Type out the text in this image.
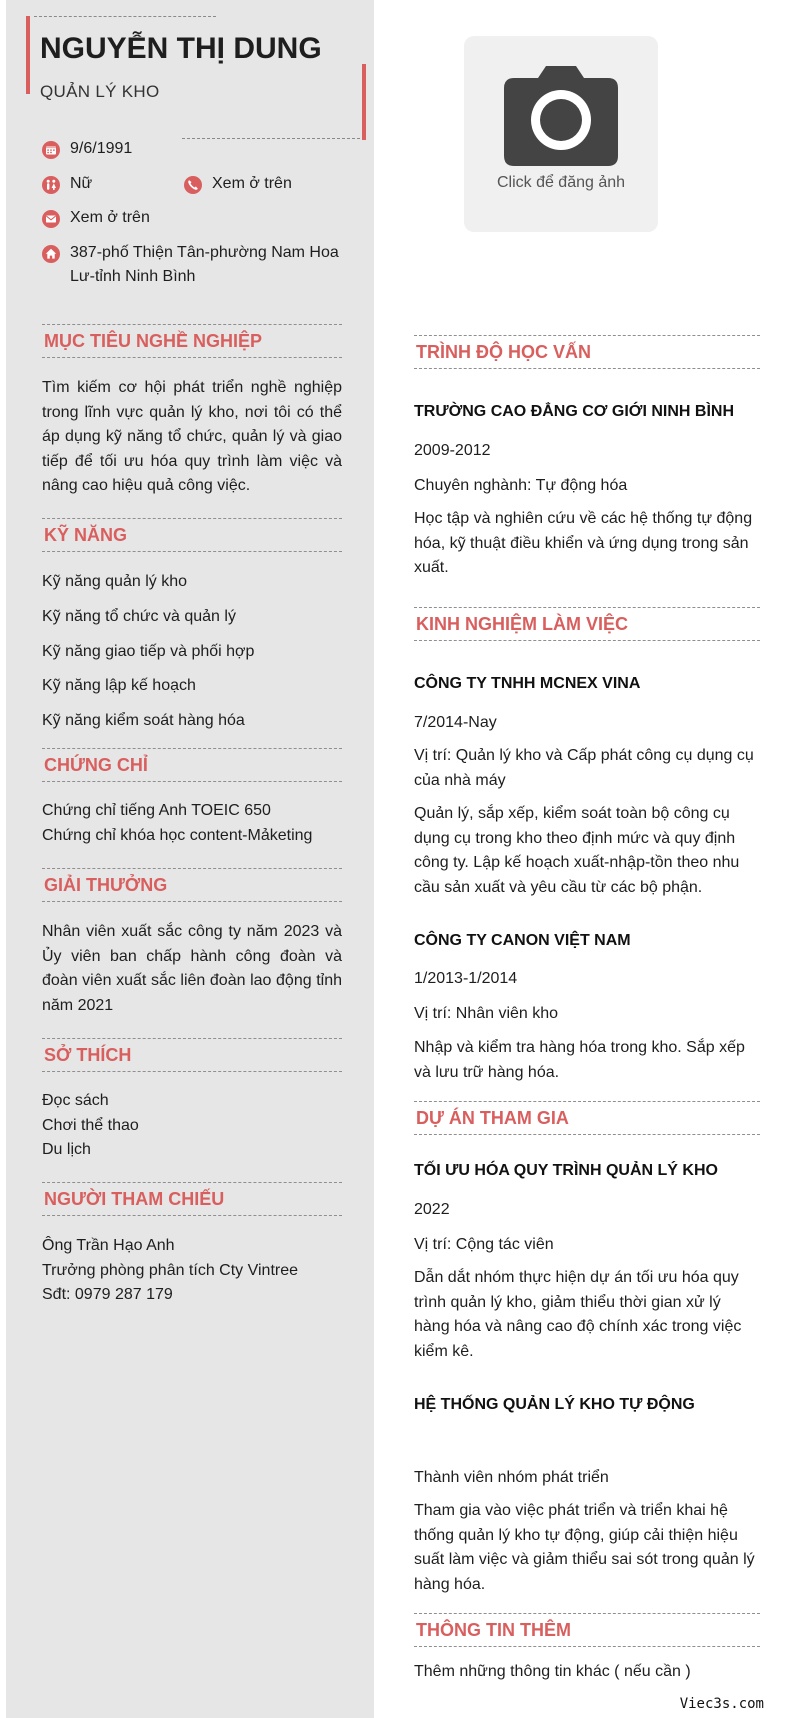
NGUYỄN THỊ DUNG
QUẢN LÝ KHO
9/6/1991
Nữ	Xem ở trên
Xem ở trên
387-phố Thiện Tân-phường Nam Hoa Lư-tỉnh Ninh Bình
MỤC TIÊU NGHỀ NGHIỆP
Tìm kiếm cơ hội phát triển nghề nghiệp trong lĩnh vực quản lý kho, nơi tôi có thể áp dụng kỹ năng tổ chức, quản lý và giao tiếp để tối ưu hóa quy trình làm việc và nâng cao hiệu quả công việc.
KỸ NĂNG
Kỹ năng quản lý kho
Kỹ năng tổ chức và quản lý
Kỹ năng giao tiếp và phối hợp
Kỹ năng lập kế hoạch
Kỹ năng kiểm soát hàng hóa
CHỨNG CHỈ
Chứng chỉ tiếng Anh TOEIC 650
Chứng chỉ khóa học content-Mảketing
GIẢI THƯỞNG
Nhân viên xuất sắc công ty năm 2023 và Ủy viên ban chấp hành công đoàn và đoàn viên xuất sắc liên đoàn lao động tỉnh năm 2021
SỞ THÍCH
Đọc sách
Chơi thể thao
Du lịch
NGƯỜI THAM CHIẾU
Ông Trần Hạo Anh
Trưởng phòng phân tích Cty Vintree
Sđt: 0979 287 179
Click để đăng ảnh
TRÌNH ĐỘ HỌC VẤN
TRƯỜNG CAO ĐẲNG CƠ GIỚI NINH BÌNH
2009-2012
Chuyên nghành: Tự động hóa
Học tập và nghiên cứu về các hệ thống tự động hóa, kỹ thuật điều khiển và ứng dụng trong sản xuất.
KINH NGHIỆM LÀM VIỆC
CÔNG TY TNHH MCNEX VINA
7/2014-Nay
Vị trí: Quản lý kho và Cấp phát công cụ dụng cụ của nhà máy
Quản lý, sắp xếp, kiểm soát toàn bộ công cụ dụng cụ trong kho theo định mức và quy định công ty. Lập kế hoạch xuất-nhập-tồn theo nhu cầu sản xuất và yêu cầu từ các bộ phận.
CÔNG TY CANON VIỆT NAM
1/2013-1/2014
Vị trí: Nhân viên kho
Nhập và kiểm tra hàng hóa trong kho. Sắp xếp và lưu trữ hàng hóa.
DỰ ÁN THAM GIA
TỐI ƯU HÓA QUY TRÌNH QUẢN LÝ KHO
2022
Vị trí: Cộng tác viên
Dẫn dắt nhóm thực hiện dự án tối ưu hóa quy trình quản lý kho, giảm thiểu thời gian xử lý hàng hóa và nâng cao độ chính xác trong việc kiểm kê.
HỆ THỐNG QUẢN LÝ KHO TỰ ĐỘNG
Thành viên nhóm phát triển
Tham gia vào việc phát triển và triển khai hệ thống quản lý kho tự động, giúp cải thiện hiệu suất làm việc và giảm thiểu sai sót trong quản lý hàng hóa.
THÔNG TIN THÊM
Thêm những thông tin khác ( nếu cần )
Viec3s.com
